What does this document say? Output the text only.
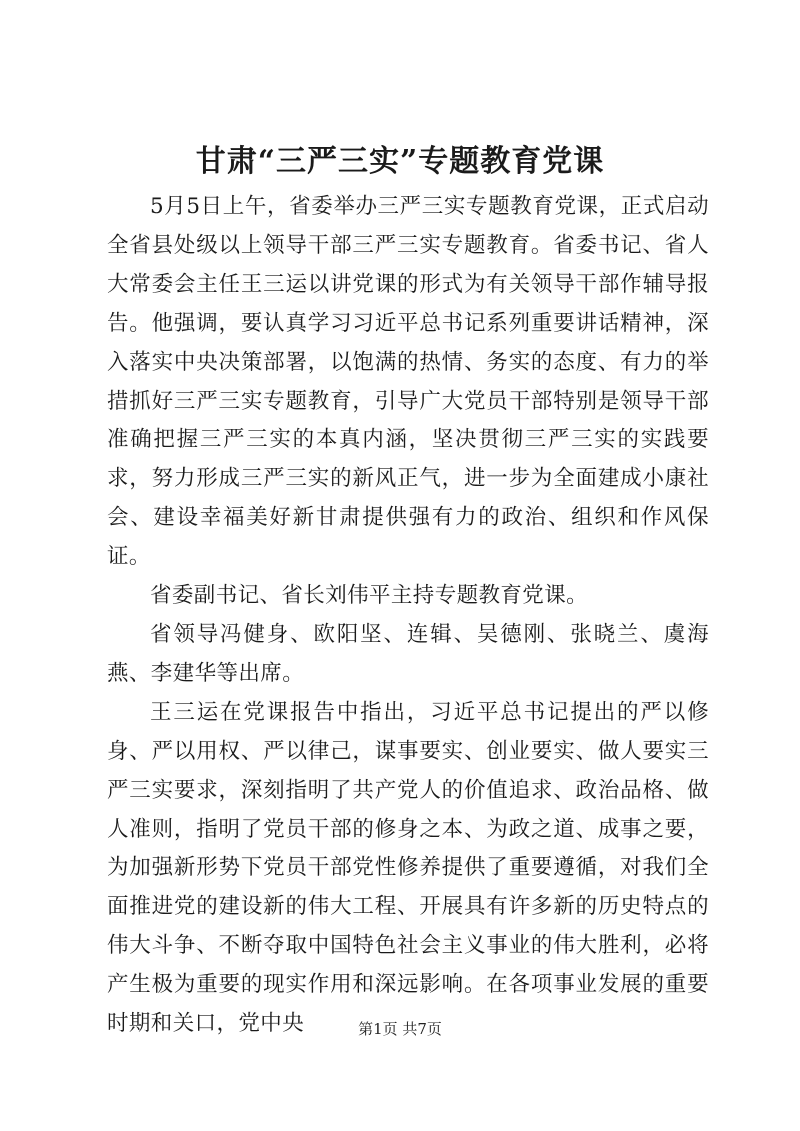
甘肃“三严三实”专题教育党课

5月5日上午，省委举办三严三实专题教育党课，正式启动全省县处级以上领导干部三严三实专题教育。省委书记、省人大常委会主任王三运以讲党课的形式为有关领导干部作辅导报告。他强调，要认真学习习近平总书记系列重要讲话精神，深入落实中央决策部署，以饱满的热情、务实的态度、有力的举措抓好三严三实专题教育，引导广大党员干部特别是领导干部准确把握三严三实的本真内涵，坚决贯彻三严三实的实践要求，努力形成三严三实的新风正气，进一步为全面建成小康社会、建设幸福美好新甘肃提供强有力的政治、组织和作风保证。

省委副书记、省长刘伟平主持专题教育党课。

省领导冯健身、欧阳坚、连辑、吴德刚、张晓兰、虞海燕、李建华等出席。

王三运在党课报告中指出，习近平总书记提出的严以修身、严以用权、严以律己，谋事要实、创业要实、做人要实三严三实要求，深刻指明了共产党人的价值追求、政治品格、做人准则，指明了党员干部的修身之本、为政之道、成事之要，为加强新形势下党员干部党性修养提供了重要遵循，对我们全面推进党的建设新的伟大工程、开展具有许多新的历史特点的伟大斗争、不断夺取中国特色社会主义事业的伟大胜利，必将产生极为重要的现实作用和深远影响。在各项事业发展的重要时期和关口，党中央	第1页 共7页
